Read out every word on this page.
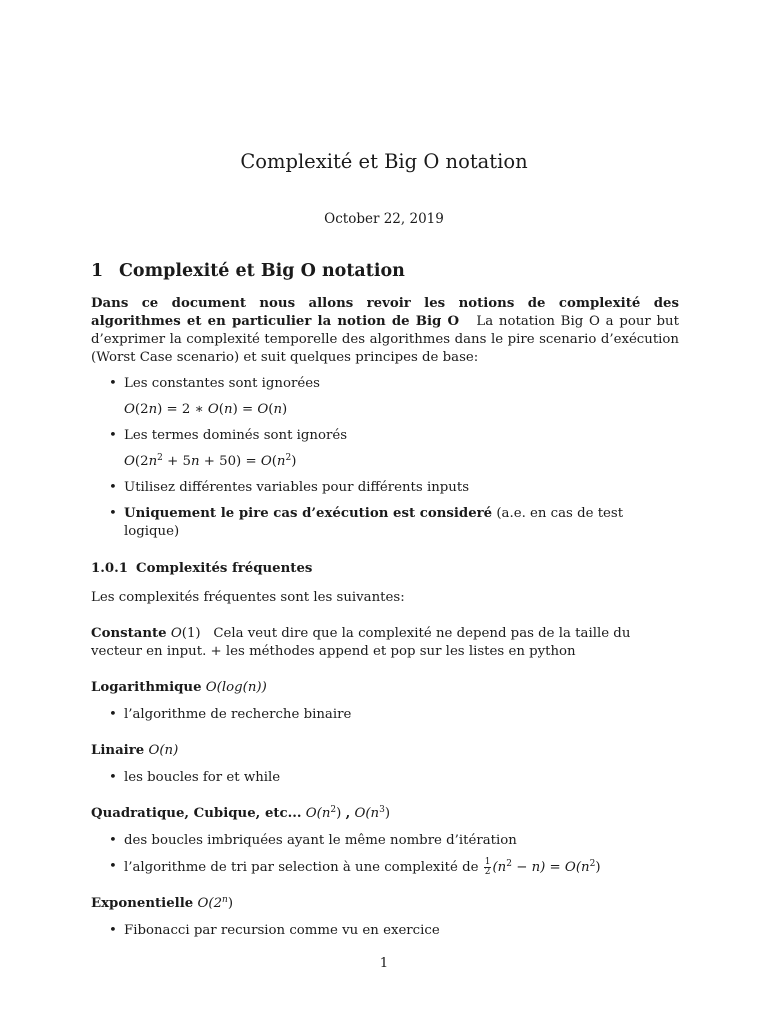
Complexité et Big O notation
October 22, 2019
1 Complexité et Big O notation

Dans ce document nous allons revoir les notions de complexité des algorithmes et en particulier la notion de Big O La notation Big O a pour but d’exprimer la complexité temporelle des algorithmes dans le pire scenario d’exécution (Worst Case scenario) et suit quelques principes de base:

• Les constantes sont ignorées
O(2n) = 2 ∗ O(n) = O(n)
• Les termes dominés sont ignorés
$O(2n^2 + 5n + 50) = O(n^2)$
• Utilisez différentes variables pour différents inputs
• Uniquement le pire cas d’exécution est consideré (a.e. en cas de test logique)
1.0.1 Complexités fréquentes

Les complexités fréquentes sont les suivantes:

Constante O(1) Cela veut dire que la complexité ne depend pas de la taille du vecteur en input. + les méthodes append et pop sur les listes en python

Logarithmique O(log(n))

• l’algorithme de recherche binaire

Linaire O(n)

• les boucles for et while

Quadratique, Cubique, etc... $O(n^2)$ , $O(n^3)$

• des boucles imbriquées ayant le même nombre d’itération
• l’algorithme de tri par selection à une complexité de $\frac{1}{2} (n^2 - n) = O(n^2)$

Exponentielle O(2$^n$)

• Fibonacci par recursion comme vu en exercice
1
